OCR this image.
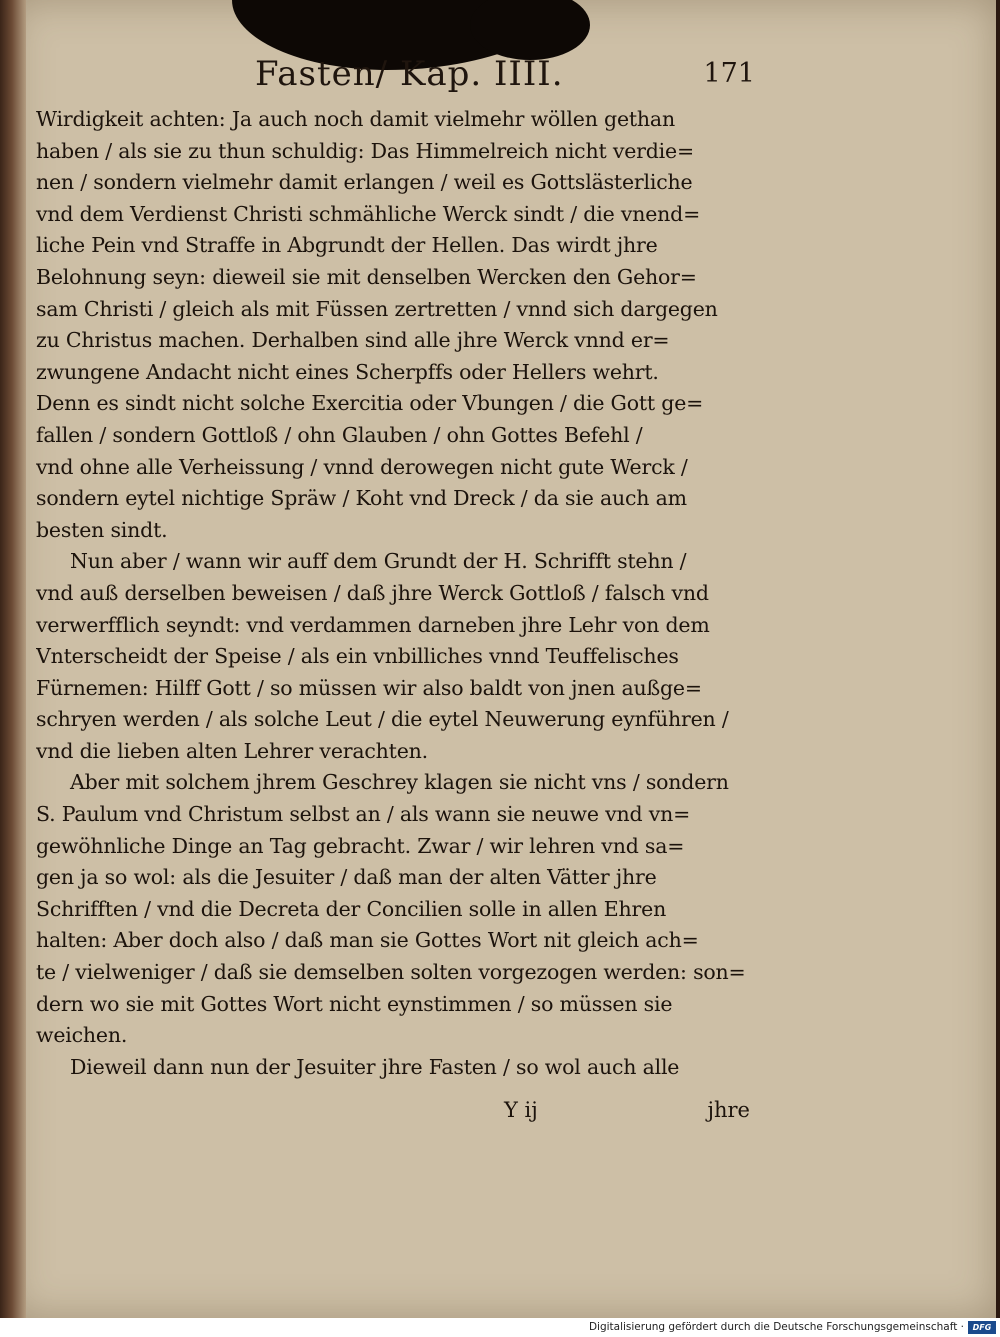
Fasten/ Kap. IIII.	171
Wirdigkeit achten: Ja auch noch damit vielmehr wöllen gethan
haben / als sie zu thun schuldig: Das Himmelreich nicht verdie=
nen / sondern vielmehr damit erlangen / weil es Gottslästerliche
vnd dem Verdienst Christi schmähliche Werck sindt / die vnend=
liche Pein vnd Straffe in Abgrundt der Hellen. Das wirdt jhre
Belohnung seyn: dieweil sie mit denselben Wercken den Gehor=
sam Christi / gleich als mit Füssen zertretten / vnnd sich dargegen
zu Christus machen. Derhalben sind alle jhre Werck vnnd er=
zwungene Andacht nicht eines Scherpffs oder Hellers wehrt.
Denn es sindt nicht solche Exercitia oder Vbungen / die Gott ge=
fallen / sondern Gottloß / ohn Glauben / ohn Gottes Befehl /
vnd ohne alle Verheissung / vnnd derowegen nicht gute Werck /
sondern eytel nichtige Spräw / Koht vnd Dreck / da sie auch am
besten sindt.
Nun aber / wann wir auff dem Grundt der H. Schrifft stehn /
vnd auß derselben beweisen / daß jhre Werck Gottloß / falsch vnd
verwerfflich seyndt: vnd verdammen darneben jhre Lehr von dem
Vnterscheidt der Speise / als ein vnbilliches vnnd Teuffelisches
Fürnemen: Hilff Gott / so müssen wir also baldt von jnen außge=
schryen werden / als solche Leut / die eytel Neuwerung eynführen /
vnd die lieben alten Lehrer verachten.
Aber mit solchem jhrem Geschrey klagen sie nicht vns / sondern
S. Paulum vnd Christum selbst an / als wann sie neuwe vnd vn=
gewöhnliche Dinge an Tag gebracht. Zwar / wir lehren vnd sa=
gen ja so wol: als die Jesuiter / daß man der alten Vätter jhre
Schrifften / vnd die Decreta der Concilien solle in allen Ehren
halten: Aber doch also / daß man sie Gottes Wort nit gleich ach=
te / vielweniger / daß sie demselben solten vorgezogen werden: son=
dern wo sie mit Gottes Wort nicht eynstimmen / so müssen sie
weichen.
Dieweil dann nun der Jesuiter jhre Fasten / so wol auch alle
Y ij	jhre
Digitalisierung gefördert durch die Deutsche Forschungsgemeinschaft ·	DFG
